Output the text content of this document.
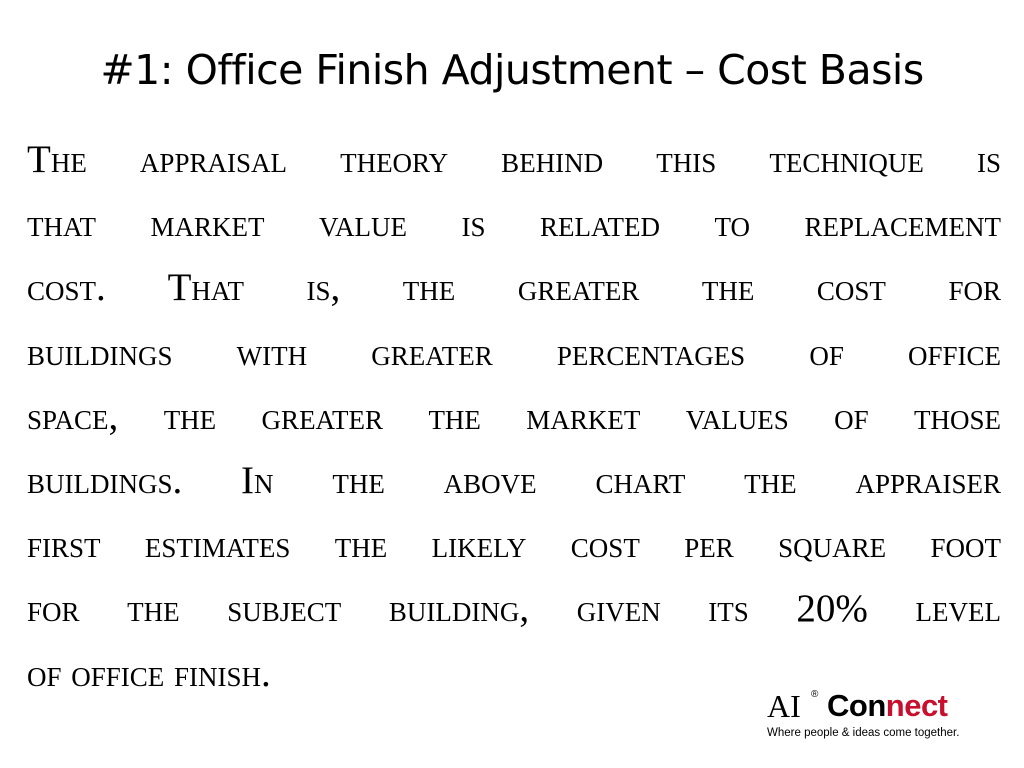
#1: Office Finish Adjustment – Cost Basis
The appraisal theory behind this technique is
that market value is related to replacement
cost. That is, the greater the cost for
buildings with greater percentages of office
space, the greater the market values of those
buildings. In the above chart the appraiser
first estimates the likely cost per square foot
for the subject building, given its 20% level
of office finish.
AI ® Connect
Where people & ideas come together.
